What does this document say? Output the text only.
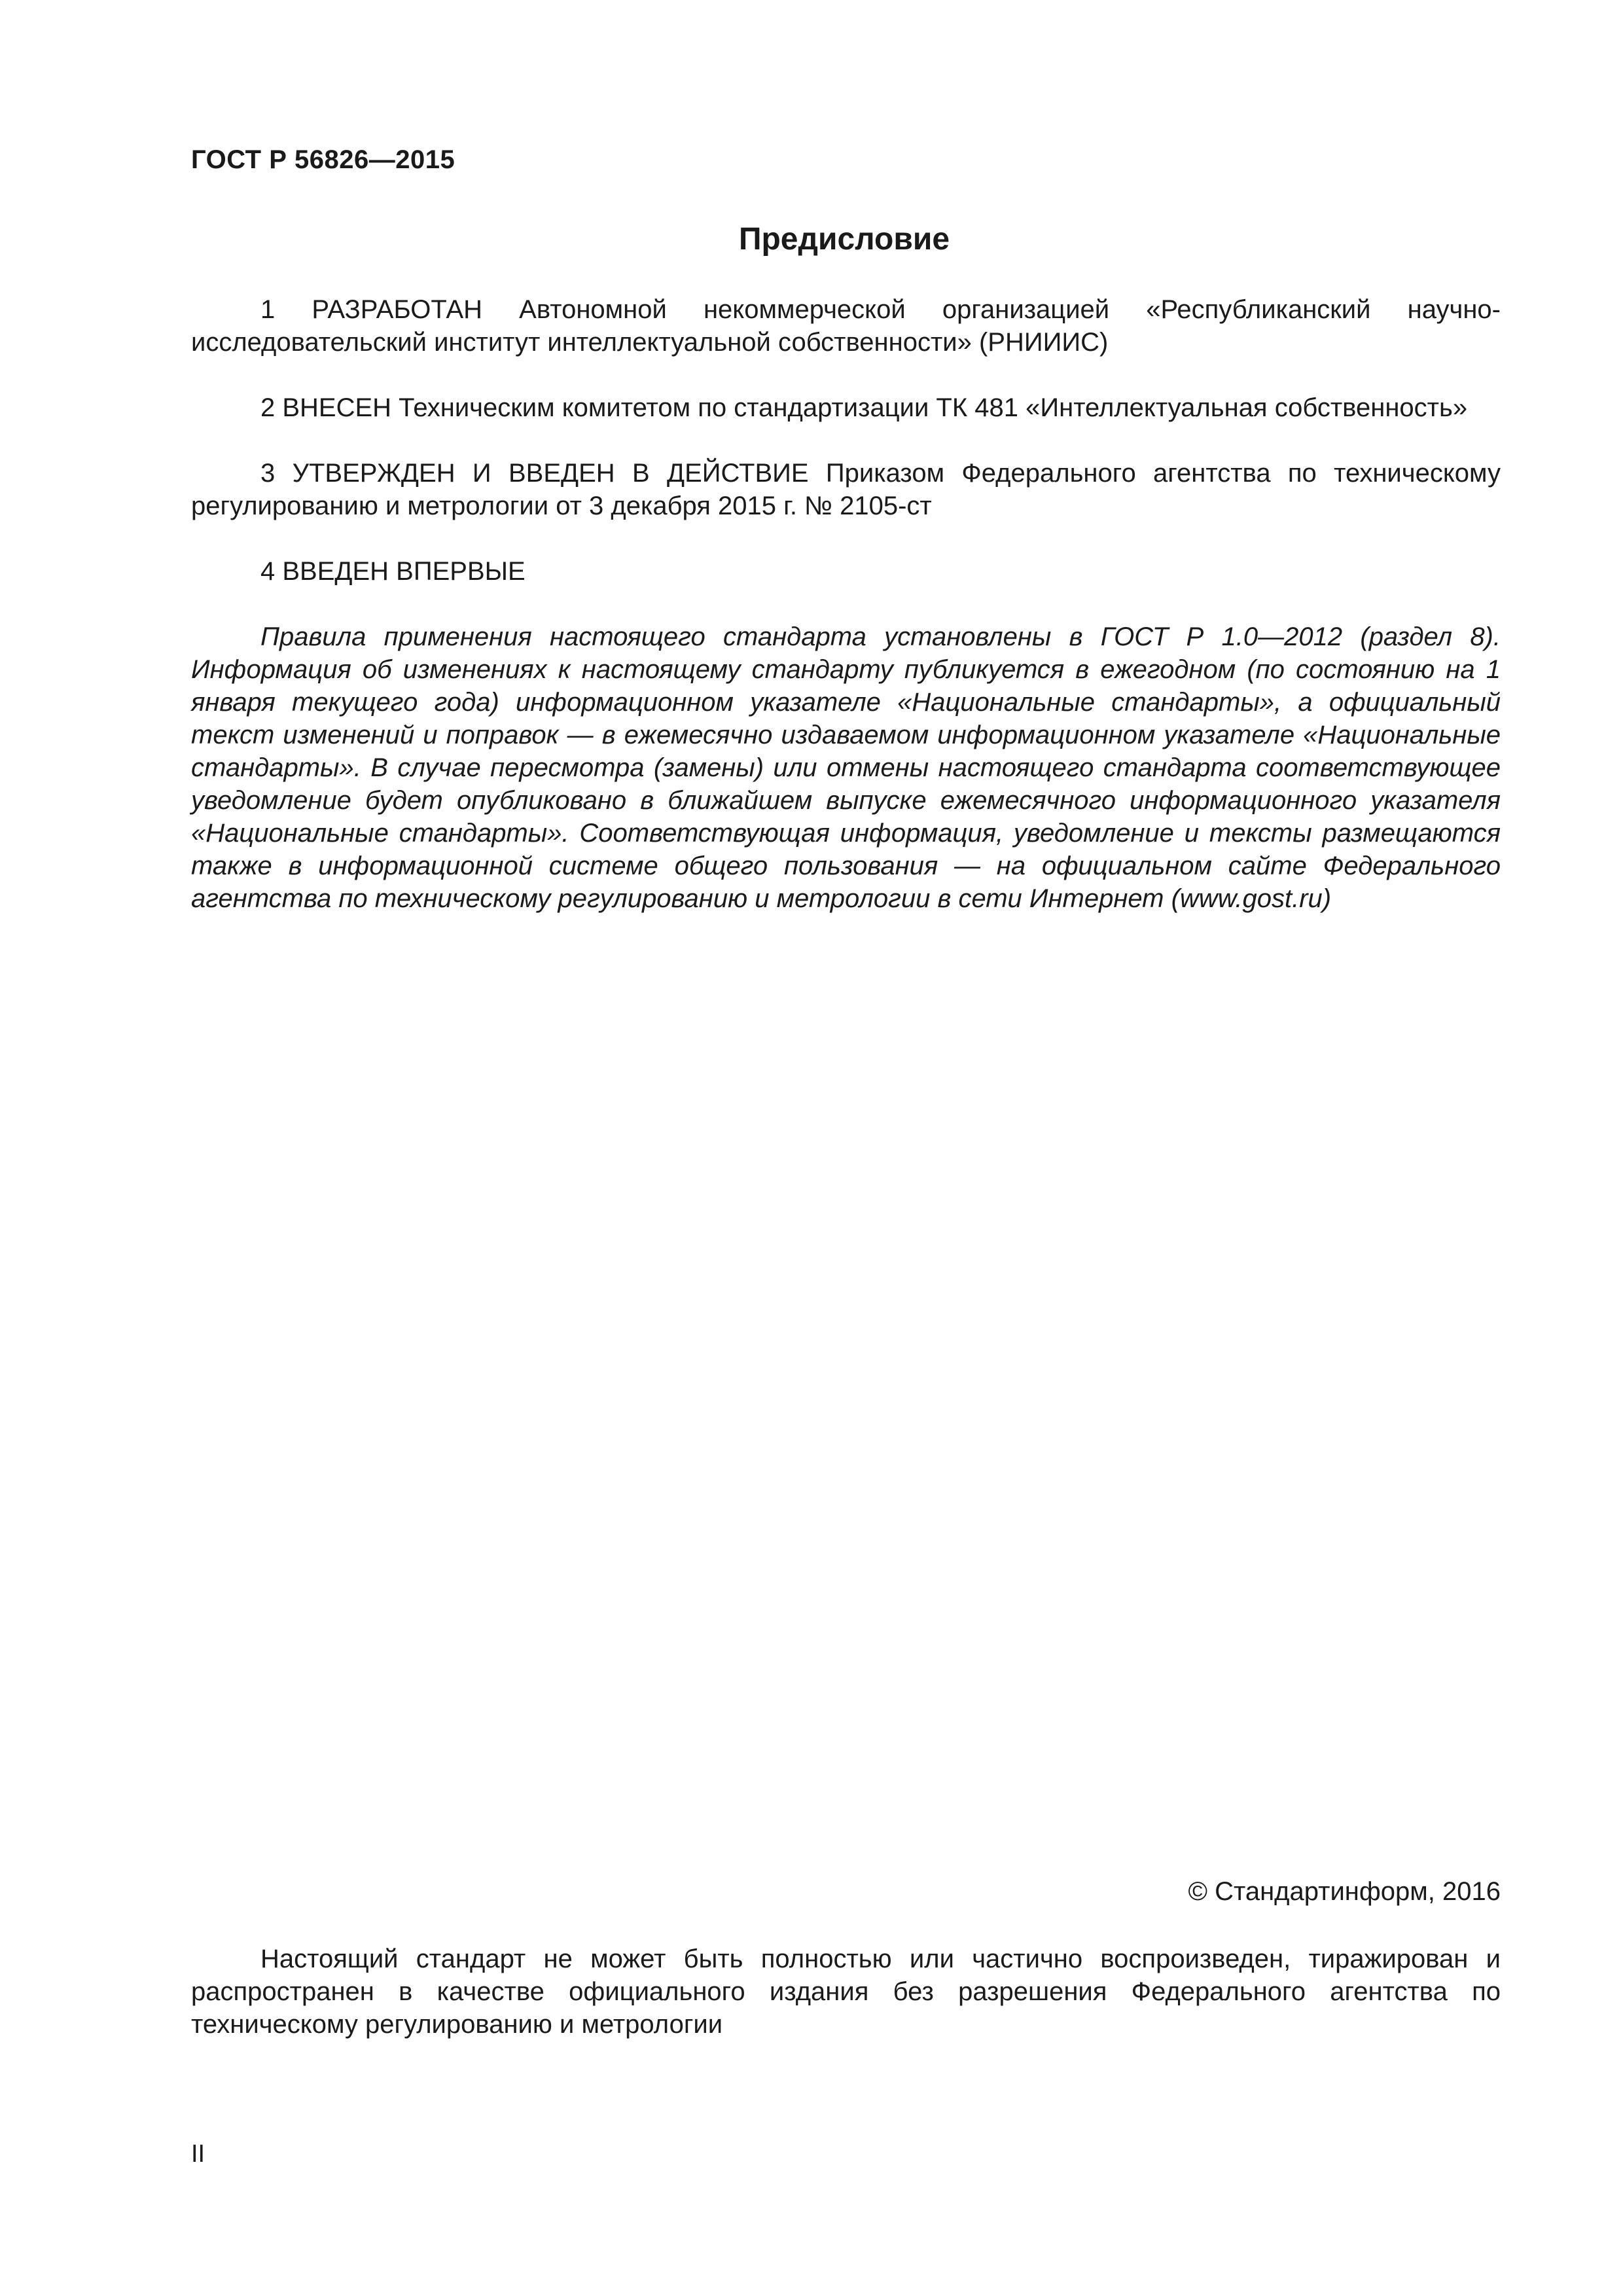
ГОСТ Р 56826—2015
Предисловие

1 РАЗРАБОТАН Автономной некоммерческой организацией «Республиканский научно-исследовательский институт интеллектуальной собственности» (РНИИИС)

2 ВНЕСЕН Техническим комитетом по стандартизации ТК 481 «Интеллектуальная собственность»

3 УТВЕРЖДЕН И ВВЕДЕН В ДЕЙСТВИЕ Приказом Федерального агентства по техническому регулированию и метрологии от 3 декабря 2015 г. № 2105-ст

4 ВВЕДЕН ВПЕРВЫЕ

Правила применения настоящего стандарта установлены в ГОСТ Р 1.0—2012 (раздел 8). Информация об изменениях к настоящему стандарту публикуется в ежегодном (по состоянию на 1 января текущего года) информационном указателе «Национальные стандарты», а официальный текст изменений и поправок — в ежемесячно издаваемом информационном указателе «Национальные стандарты». В случае пересмотра (замены) или отмены настоящего стандарта соответствующее уведомление будет опубликовано в ближайшем выпуске ежемесячного информационного указателя «Национальные стандарты». Соответствующая информация, уведомление и тексты размещаются также в информационной системе общего пользования — на официальном сайте Федерального агентства по техническому регулированию и метрологии в сети Интернет (www.gost.ru)

© Стандартинформ, 2016

Настоящий стандарт не может быть полностью или частично воспроизведен, тиражирован и распространен в качестве официального издания без разрешения Федерального агентства по техническому регулированию и метрологии

II
